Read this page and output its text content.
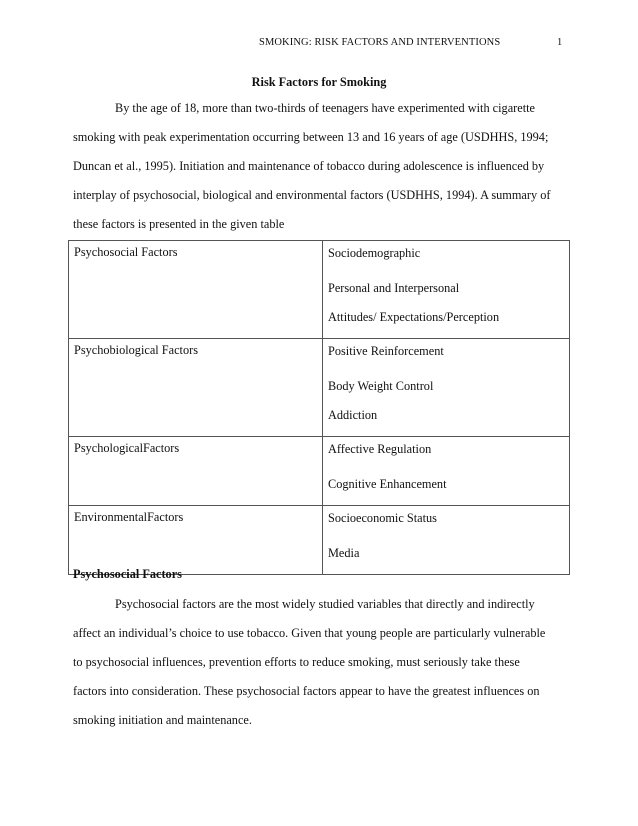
SMOKING: RISK FACTORS AND INTERVENTIONS	1
Risk Factors for Smoking

By the age of 18, more than two-thirds of teenagers have experimented with cigarette
smoking with peak experimentation occurring between 13 and 16 years of age (USDHHS, 1994;
Duncan et al., 1995). Initiation and maintenance of tobacco during adolescence is influenced by
interplay of psychosocial, biological and environmental factors (USDHHS, 1994). A summary of
these factors is presented in the given table

Psychosocial Factors	Sociodemographic
Personal and Interpersonal
Attitudes/ Expectations/Perception

Psychobiological Factors	Positive Reinforcement
Body Weight Control
Addiction

PsychologicalFactors	Affective Regulation
Cognitive Enhancement

EnvironmentalFactors	Socioeconomic Status
Media
Psychosocial Factors

Psychosocial factors are the most widely studied variables that directly and indirectly
affect an individual’s choice to use tobacco. Given that young people are particularly vulnerable
to psychosocial influences, prevention efforts to reduce smoking, must seriously take these
factors into consideration. These psychosocial factors appear to have the greatest influences on
smoking initiation and maintenance.
